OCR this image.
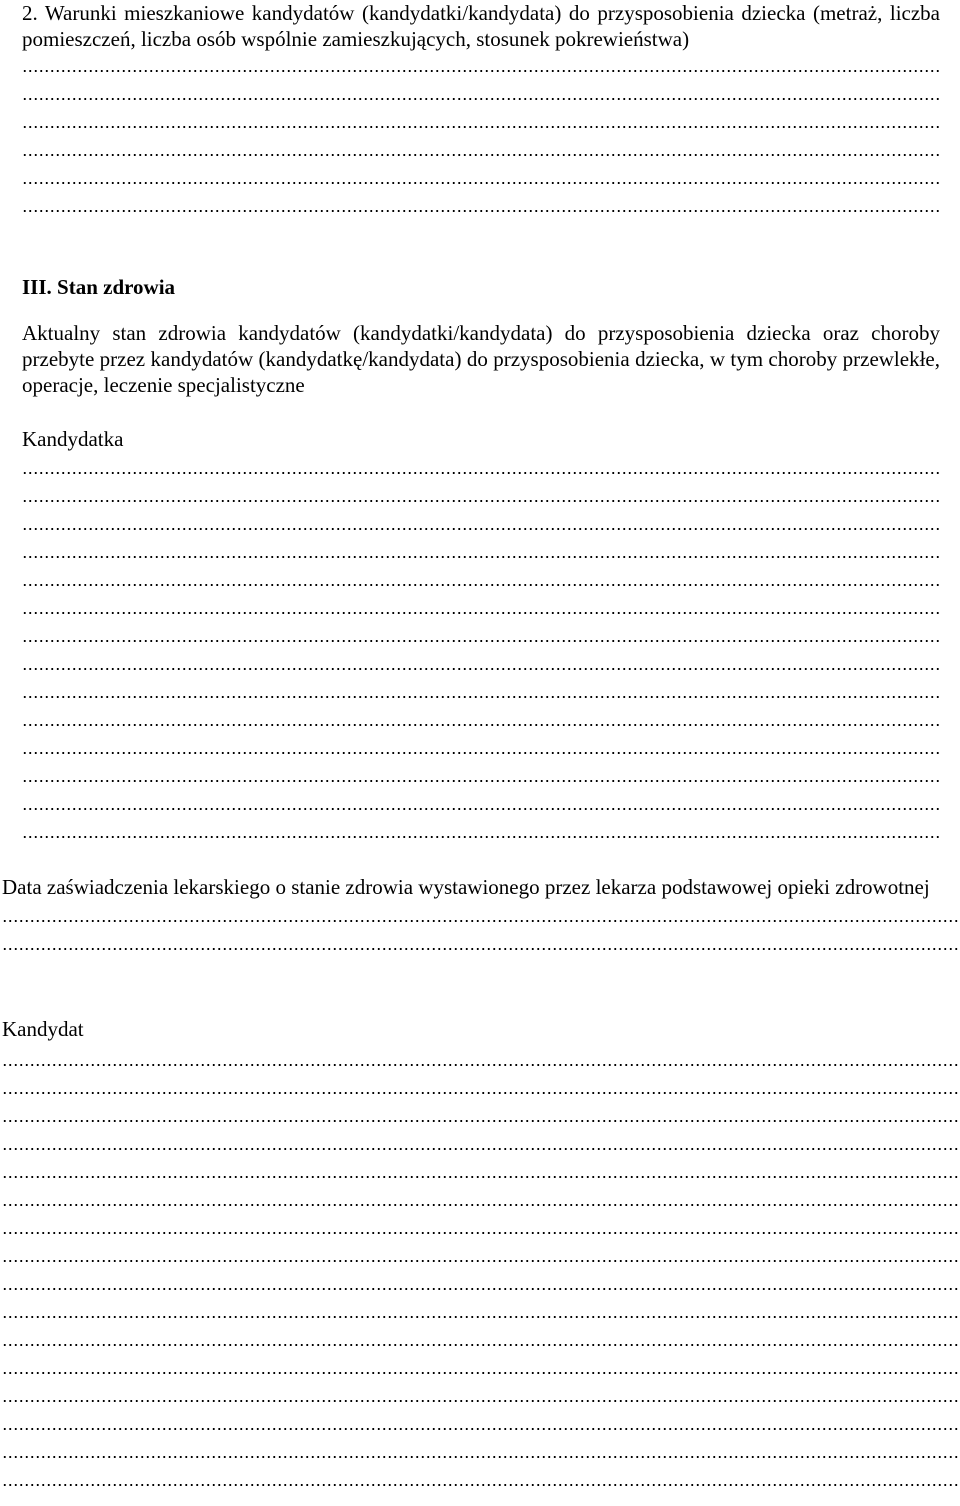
2. Warunki mieszkaniowe kandydatów (kandydatki/kandydata) do przysposobienia dziecka (metraż, liczba pomieszczeń, liczba osób wspólnie zamieszkujących, stosunek pokrewieństwa)

III. Stan zdrowia

Aktualny stan zdrowia kandydatów (kandydatki/kandydata) do przysposobienia dziecka oraz choroby przebyte przez kandydatów (kandydatkę/kandydata) do przysposobienia dziecka, w tym choroby przewlekłe, operacje, leczenie specjalistyczne

Kandydatka

Data zaświadczenia lekarskiego o stanie zdrowia wystawionego przez lekarza podstawowej opieki zdrowotnej

Kandydat
